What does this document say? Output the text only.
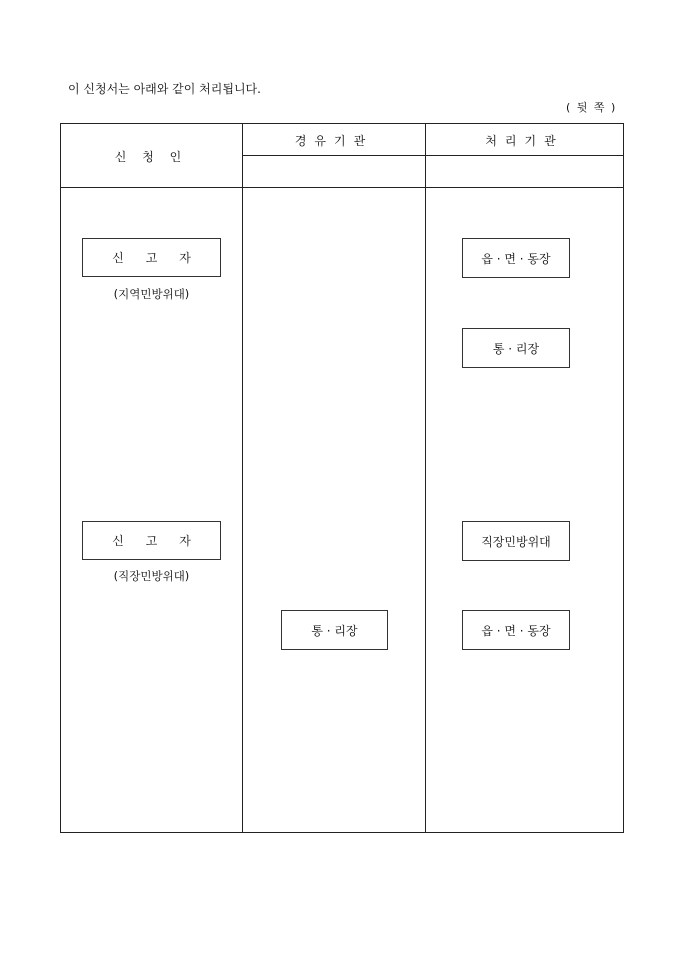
이 신청서는 아래와 같이 처리됩니다.
( 뒷 쪽 )
신 청 인
경유기관	처리기관
신고자
(지역민방위대)
신고자
(직장민방위대)
통 · 리장
읍 · 면 · 동장
통 · 리장
직장민방위대
읍 · 면 · 동장
